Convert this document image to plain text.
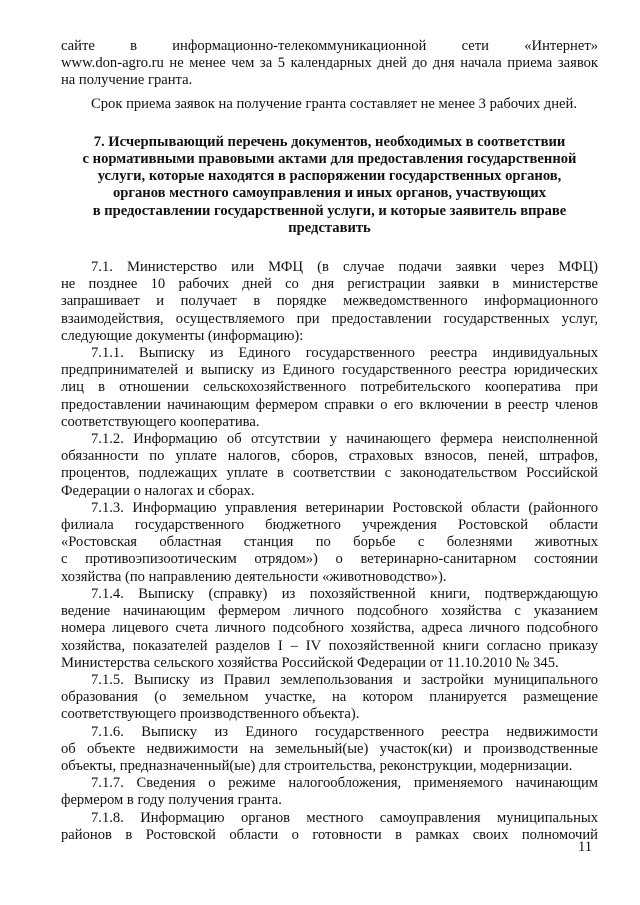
сайте в информационно-телекоммуникационной сети «Интернет»

www.don-agro.ru не менее чем за 5 календарных дней до дня начала приема заявок

на получение гранта.

Срок приема заявок на получение гранта составляет не менее 3 рабочих дней.

7. Исчерпывающий перечень документов, необходимых в соответствии
с нормативными правовыми актами для предоставления государственной
услуги, которые находятся в распоряжении государственных органов,
органов местного самоуправления и иных органов, участвующих
в предоставлении государственной услуги, и которые заявитель вправе
представить

7.1. Министерство или МФЦ (в случае подачи заявки через МФЦ)

не позднее 10 рабочих дней со дня регистрации заявки в министерстве

запрашивает и получает в порядке межведомственного информационного

взаимодействия, осуществляемого при предоставлении государственных услуг,

следующие документы (информацию):

7.1.1. Выписку из Единого государственного реестра индивидуальных

предпринимателей и выписку из Единого государственного реестра юридических

лиц в отношении сельскохозяйственного потребительского кооператива при

предоставлении начинающим фермером справки о его включении в реестр членов

соответствующего кооператива.

7.1.2. Информацию об отсутствии у начинающего фермера неисполненной

обязанности по уплате налогов, сборов, страховых взносов, пеней, штрафов,

процентов, подлежащих уплате в соответствии с законодательством Российской

Федерации о налогах и сборах.

7.1.3. Информацию управления ветеринарии Ростовской области (районного

филиала государственного бюджетного учреждения Ростовской области

«Ростовская областная станция по борьбе с болезнями животных

с противоэпизоотическим отрядом») о ветеринарно-санитарном состоянии

хозяйства (по направлению деятельности «животноводство»).

7.1.4. Выписку (справку) из похозяйственной книги, подтверждающую

ведение начинающим фермером личного подсобного хозяйства с указанием

номера лицевого счета личного подсобного хозяйства, адреса личного подсобного

хозяйства, показателей разделов I – IV похозяйственной книги согласно приказу

Министерства сельского хозяйства Российской Федерации от 11.10.2010 № 345.

7.1.5. Выписку из Правил землепользования и застройки муниципального

образования (о земельном участке, на котором планируется размещение

соответствующего производственного объекта).

7.1.6. Выписку из Единого государственного реестра недвижимости

об объекте недвижимости на земельный(ые) участок(ки) и производственные

объекты, предназначенный(ые) для строительства, реконструкции, модернизации.

7.1.7. Сведения о режиме налогообложения, применяемого начинающим

фермером в году получения гранта.

7.1.8. Информацию органов местного самоуправления муниципальных

районов в Ростовской области о готовности в рамках своих полномочий

11
